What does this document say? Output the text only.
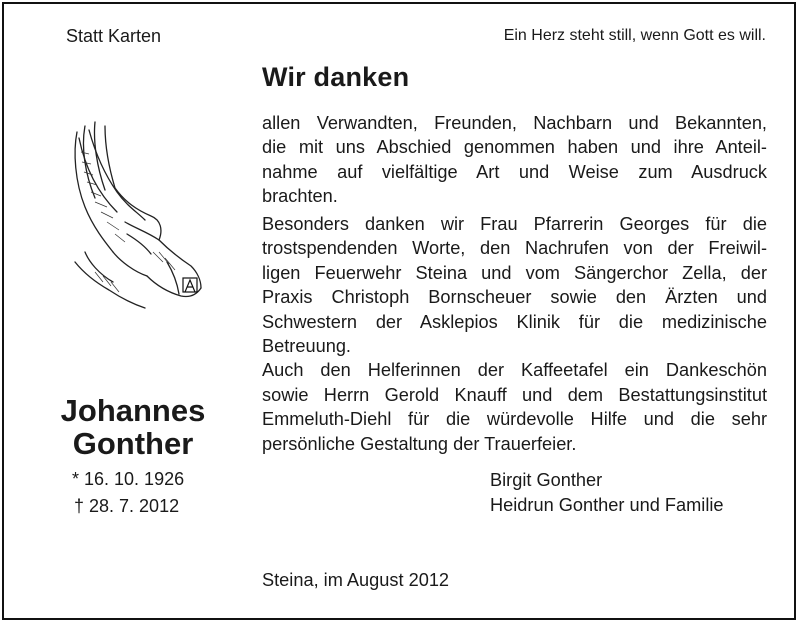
Statt Karten	Ein Herz steht still, wenn Gott es will.
Wir danken
allen Verwandten, Freunden, Nachbarn und Bekannten,
die mit uns Abschied genommen haben und ihre Anteil-
nahme auf vielfältige Art und Weise zum Ausdruck
brachten.
Besonders danken wir Frau Pfarrerin Georges für die
trostspendenden Worte, den Nachrufen von der Freiwil-
ligen Feuerwehr Steina und vom Sängerchor Zella, der
Praxis Christoph Bornscheuer sowie den Ärzten und
Schwestern der Asklepios Klinik für die medizinische
Betreuung.
Auch den Helferinnen der Kaffeetafel ein Dankeschön
sowie Herrn Gerold Knauff und dem Bestattungsinstitut
Emmeluth-Diehl für die würdevolle Hilfe und die sehr
persönliche Gestaltung der Trauerfeier.
Johannes
Gonther
* 16. 10. 1926
† 28. 7. 2012
Birgit Gonther
Heidrun Gonther und Familie
Steina, im August 2012
